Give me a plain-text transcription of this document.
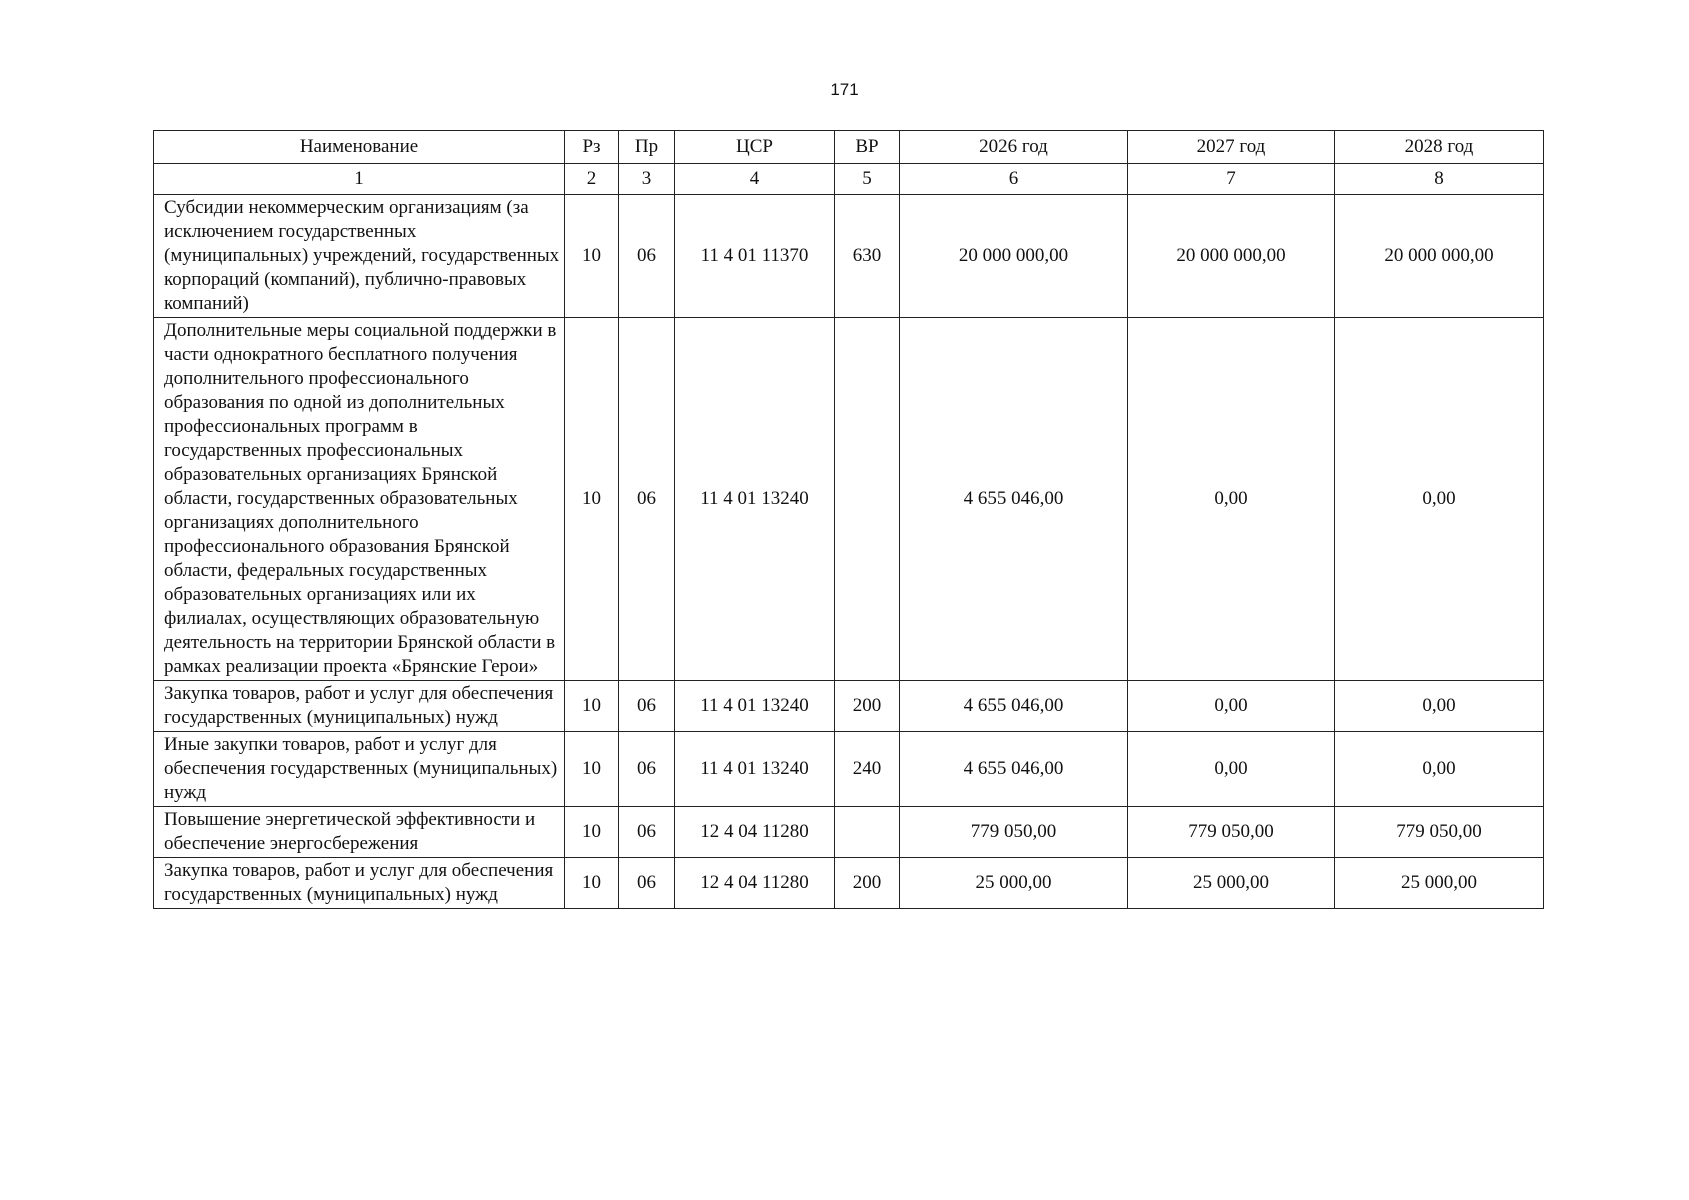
171
Наименование	Рз	Пр	ЦСР	ВР	2026 год	2027 год	2028 год
1	2	3	4	5	6	7	8
Субсидии некоммерческим организациям (за исключением государственных (муниципальных) учреждений, государственных корпораций (компаний), публично-правовых компаний)	10	06	11 4 01 11370	630	20 000 000,00	20 000 000,00	20 000 000,00
Дополнительные меры социальной поддержки в части однократного бесплатного получения дополнительного профессионального образования по одной из дополнительных профессиональных программ в государственных профессиональных образовательных организациях Брянской области, государственных образовательных организациях дополнительного профессионального образования Брянской области, федеральных государственных образовательных организациях или их филиалах, осуществляющих образовательную деятельность на территории Брянской области в рамках реализации проекта «Брянские Герои»	10	06	11 4 01 13240		4 655 046,00	0,00	0,00
Закупка товаров, работ и услуг для обеспечения государственных (муниципальных) нужд	10	06	11 4 01 13240	200	4 655 046,00	0,00	0,00
Иные закупки товаров, работ и услуг для обеспечения государственных (муниципальных) нужд	10	06	11 4 01 13240	240	4 655 046,00	0,00	0,00
Повышение энергетической эффективности и обеспечение энергосбережения	10	06	12 4 04 11280		779 050,00	779 050,00	779 050,00
Закупка товаров, работ и услуг для обеспечения государственных (муниципальных) нужд	10	06	12 4 04 11280	200	25 000,00	25 000,00	25 000,00
